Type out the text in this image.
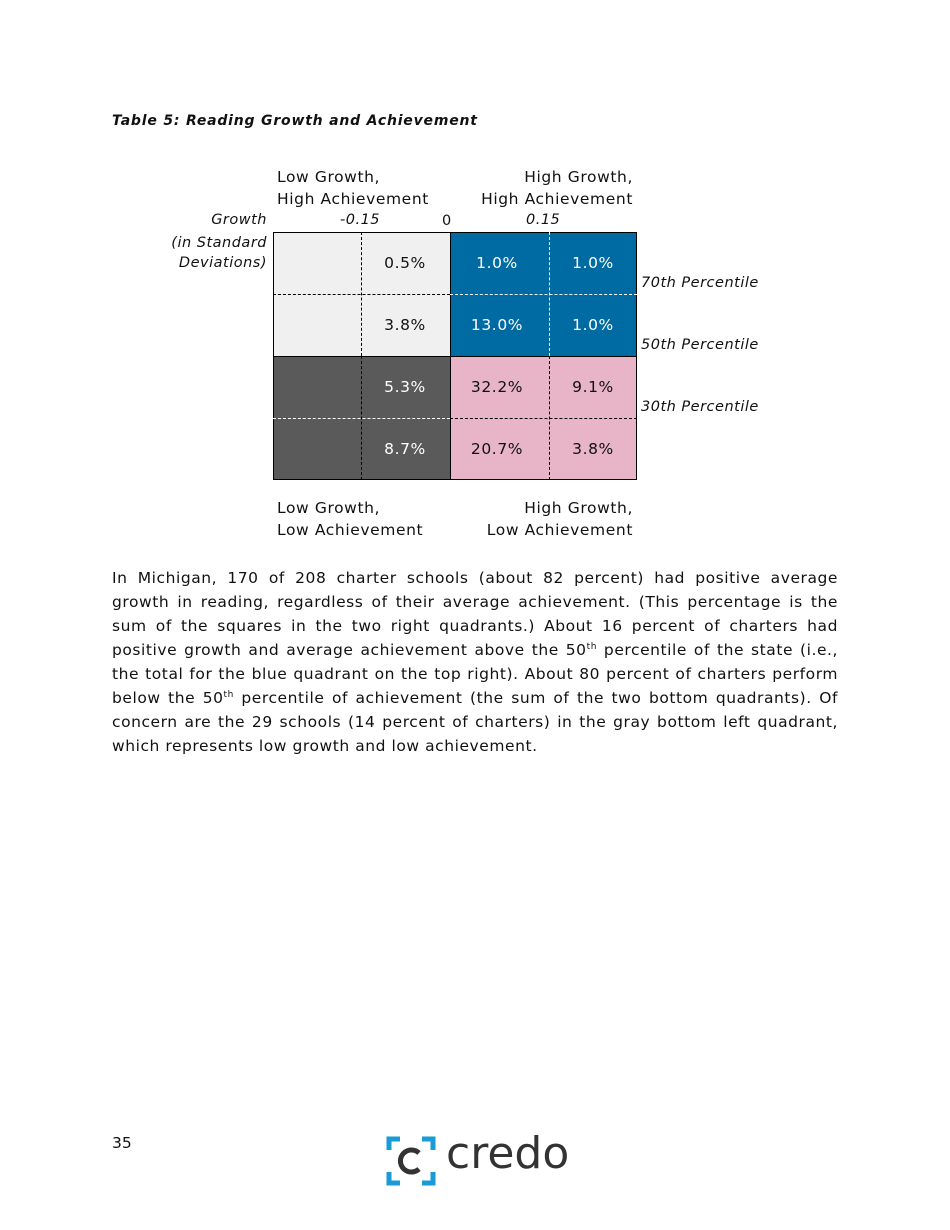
Table 5: Reading Growth and Achievement
Low Growth,
High Achievement
High Growth,
High Achievement
Growth
(in Standard
Deviations)
-0.15	0	0.15
0.5%	1.0%	1.0%
3.8%	13.0%	1.0%
5.3%	32.2%	9.1%
8.7%	20.7%	3.8%
70th Percentile
50th Percentile
30th Percentile
Low Growth,
Low Achievement
High Growth,
Low Achievement
In Michigan, 170 of 208 charter schools (about 82 percent) had positive average growth in reading, regardless of their average achievement. (This percentage is the sum of the squares in the two right quadrants.) About 16 percent of charters had positive growth and average achievement above the 50th percentile of the state (i.e., the total for the blue quadrant on the top right). About 80 percent of charters perform below the 50th percentile of achievement (the sum of the two bottom quadrants). Of concern are the 29 schools (14 percent of charters) in the gray bottom left quadrant, which represents low growth and low achievement.
35	credo
